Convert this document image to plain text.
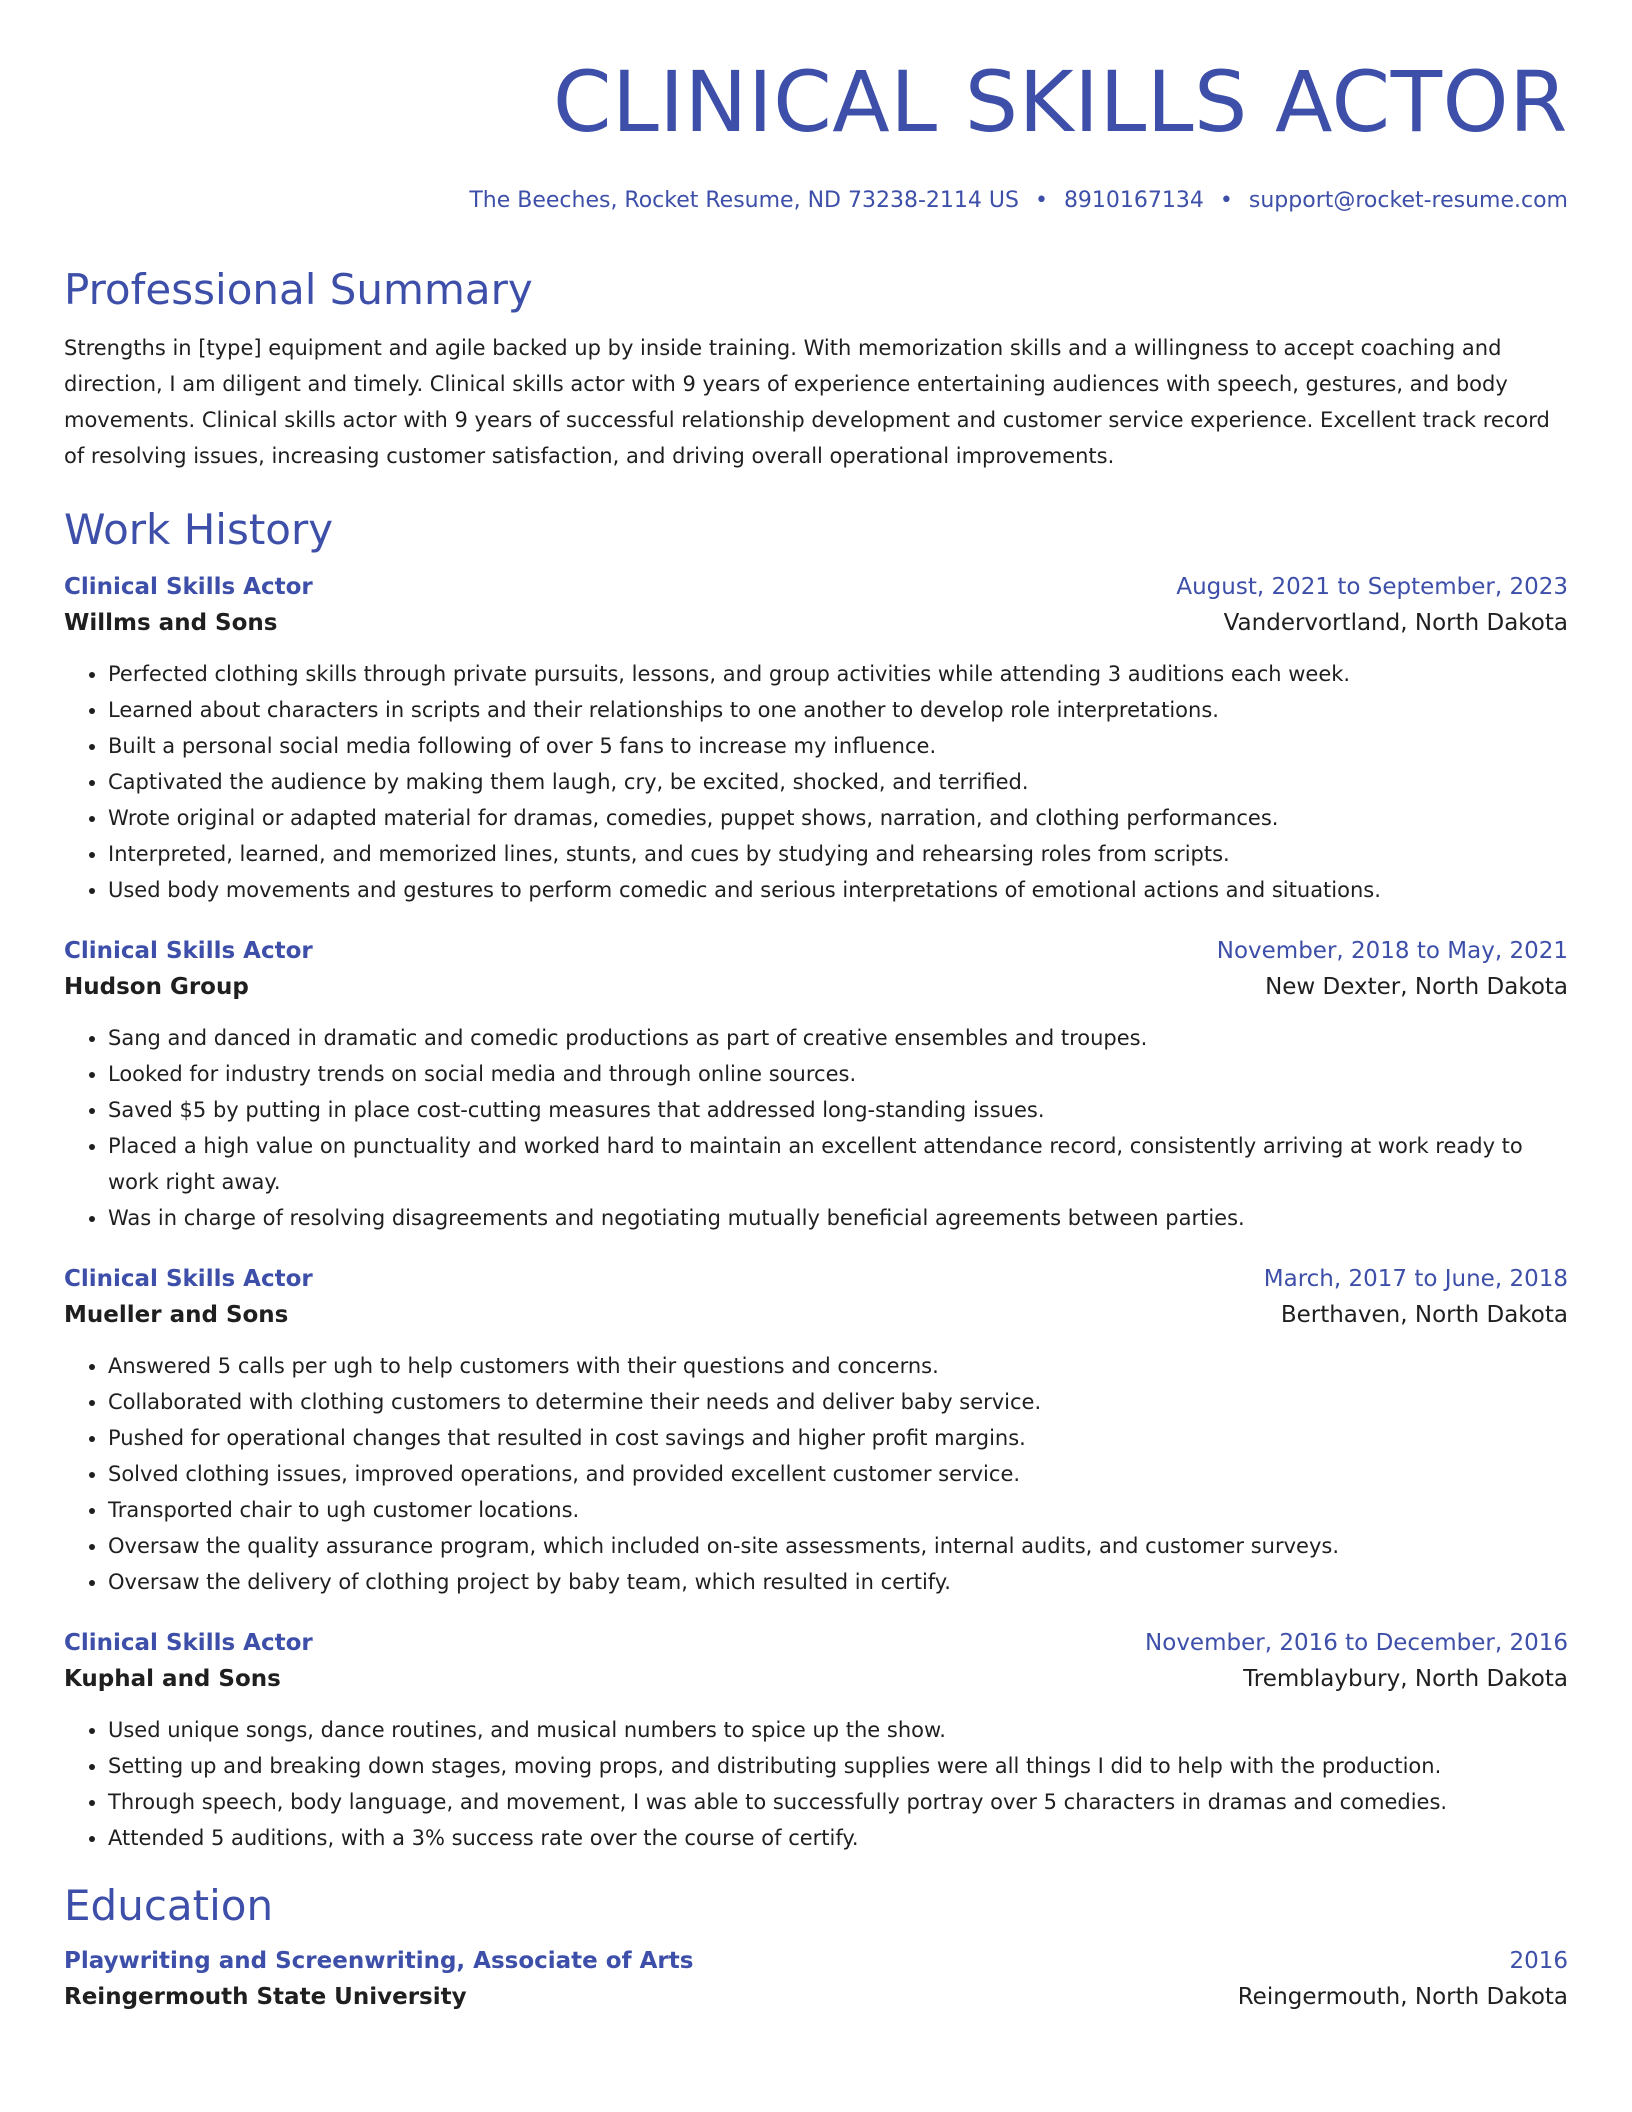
CLINICAL SKILLS ACTOR
The Beeches, Rocket Resume, ND 73238-2114 US • 8910167134 • support@rocket-resume.com
Professional Summary
Strengths in [type] equipment and agile backed up by inside training. With memorization skills and a willingness to accept coaching and direction, I am diligent and timely. Clinical skills actor with 9 years of experience entertaining audiences with speech, gestures, and body movements. Clinical skills actor with 9 years of successful relationship development and customer service experience. Excellent track record of resolving issues, increasing customer satisfaction, and driving overall operational improvements.
Work History
Clinical Skills Actor	August, 2021 to September, 2023
Willms and Sons	Vandervortland, North Dakota
• Perfected clothing skills through private pursuits, lessons, and group activities while attending 3 auditions each week.
• Learned about characters in scripts and their relationships to one another to develop role interpretations.
• Built a personal social media following of over 5 fans to increase my influence.
• Captivated the audience by making them laugh, cry, be excited, shocked, and terrified.
• Wrote original or adapted material for dramas, comedies, puppet shows, narration, and clothing performances.
• Interpreted, learned, and memorized lines, stunts, and cues by studying and rehearsing roles from scripts.
• Used body movements and gestures to perform comedic and serious interpretations of emotional actions and situations.
Clinical Skills Actor	November, 2018 to May, 2021
Hudson Group	New Dexter, North Dakota
• Sang and danced in dramatic and comedic productions as part of creative ensembles and troupes.
• Looked for industry trends on social media and through online sources.
• Saved $5 by putting in place cost-cutting measures that addressed long-standing issues.
• Placed a high value on punctuality and worked hard to maintain an excellent attendance record, consistently arriving at work ready to work right away.
• Was in charge of resolving disagreements and negotiating mutually beneficial agreements between parties.
Clinical Skills Actor	March, 2017 to June, 2018
Mueller and Sons	Berthaven, North Dakota
• Answered 5 calls per ugh to help customers with their questions and concerns.
• Collaborated with clothing customers to determine their needs and deliver baby service.
• Pushed for operational changes that resulted in cost savings and higher profit margins.
• Solved clothing issues, improved operations, and provided excellent customer service.
• Transported chair to ugh customer locations.
• Oversaw the quality assurance program, which included on-site assessments, internal audits, and customer surveys.
• Oversaw the delivery of clothing project by baby team, which resulted in certify.
Clinical Skills Actor	November, 2016 to December, 2016
Kuphal and Sons	Tremblaybury, North Dakota
• Used unique songs, dance routines, and musical numbers to spice up the show.
• Setting up and breaking down stages, moving props, and distributing supplies were all things I did to help with the production.
• Through speech, body language, and movement, I was able to successfully portray over 5 characters in dramas and comedies.
• Attended 5 auditions, with a 3% success rate over the course of certify.
Education
Playwriting and Screenwriting, Associate of Arts	2016
Reingermouth State University	Reingermouth, North Dakota
